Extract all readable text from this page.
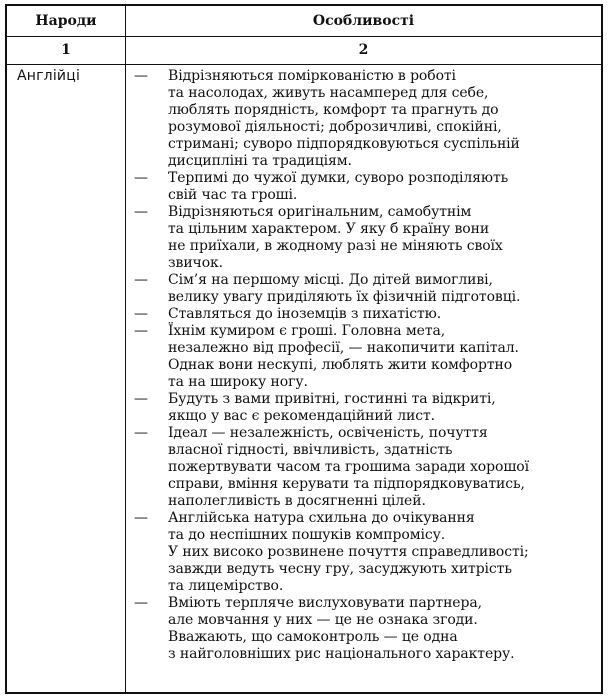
Народи	Особливості
1	2
Англійці	—	Відрізняються поміркованістю в роботі
та насолодах, живуть насамперед для себе,
люблять порядність, комфорт та прагнуть до
розумової діяльності; доброзичливі, спокійні,
стримані; суворо підпорядковуються суспільній
дисципліні та традиціям.
—	Терпимі до чужої думки, суворо розподіляють
свій час та гроші.
—	Відрізняються оригінальним, самобутнім
та цільним характером. У яку б країну вони
не приїхали, в жодному разі не міняють своїх
звичок.
—	Сім’я на першому місці. До дітей вимогливі,
велику увагу приділяють їх фізичній підготовці.
—	Ставляться до іноземців з пихатістю.
—	Їхнім кумиром є гроші. Головна мета,
незалежно від професії, — накопичити капітал.
Однак вони нескупі, люблять жити комфортно
та на широку ногу.
—	Будуть з вами привітні, гостинні та відкриті,
якщо у вас є рекомендаційний лист.
—	Ідеал — незалежність, освіченість, почуття
власної гідності, ввічливість, здатність
пожертвувати часом та грошима заради хорошої
справи, вміння керувати та підпорядковуватись,
наполегливість в досягненні цілей.
—	Англійська натура схильна до очікування
та до неспішних пошуків компромісу.
У них високо розвинене почуття справедливості;
завжди ведуть чесну гру, засуджують хитрість
та лицемірство.
—	Вміють терпляче вислуховувати партнера,
але мовчання у них — це не ознака згоди.
Вважають, що самоконтроль — це одна
з найголовніших рис національного характеру.
